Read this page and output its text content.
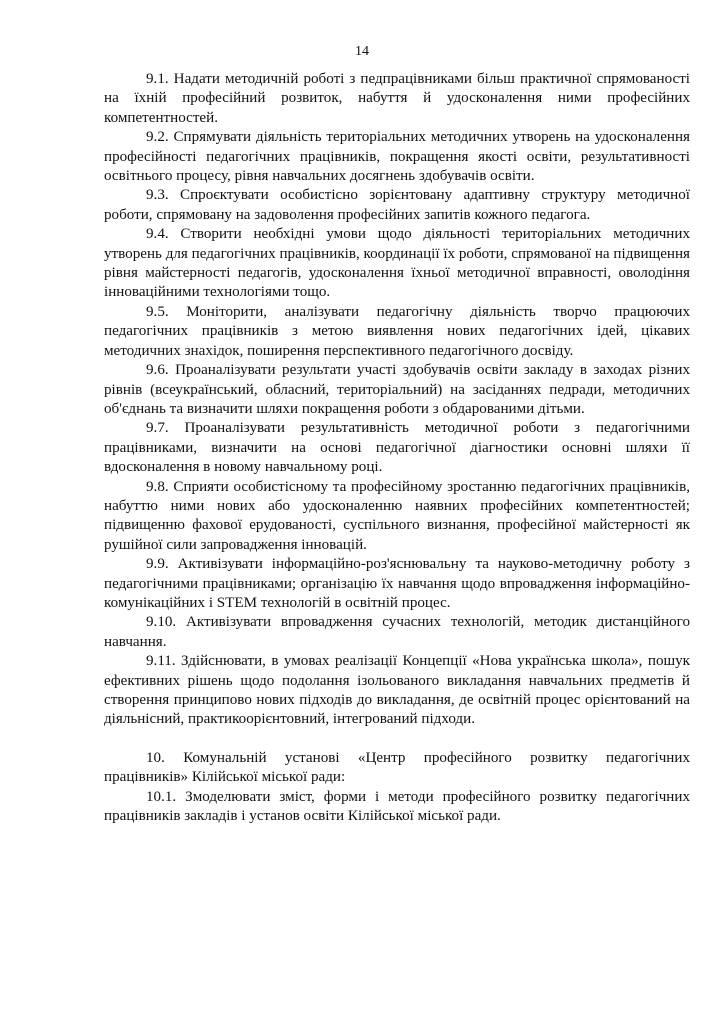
14

9.1. Надати методичній роботі з педпрацівниками більш практичної спрямованості на їхній професійний розвиток, набуття й удосконалення ними професійних компетентностей.

9.2. Спрямувати діяльність територіальних методичних утворень на удосконалення професійності педагогічних працівників, покращення якості освіти, результативності освітнього процесу, рівня навчальних досягнень здобувачів освіти.

9.3. Спроєктувати особистісно зорієнтовану адаптивну структуру методичної роботи, спрямовану на задоволення професійних запитів кожного педагога.

9.4. Створити необхідні умови щодо діяльності територіальних методичних утворень для педагогічних працівників, координації їх роботи, спрямованої на підвищення рівня майстерності педагогів, удосконалення їхньої методичної вправності, оволодіння інноваційними технологіями тощо.

9.5. Моніторити, аналізувати педагогічну діяльність творчо працюючих педагогічних працівників з метою виявлення нових педагогічних ідей, цікавих методичних знахідок, поширення перспективного педагогічного досвіду.

9.6. Проаналізувати результати участі здобувачів освіти закладу в заходах різних рівнів (всеукраїнський, обласний, територіальний) на засіданнях педради, методичних об'єднань та визначити шляхи покращення роботи з обдарованими дітьми.

9.7. Проаналізувати результативність методичної роботи з педагогічними працівниками, визначити на основі педагогічної діагностики основні шляхи її вдосконалення в новому навчальному році.

9.8. Сприяти особистісному та професійному зростанню педагогічних працівників, набуттю ними нових або удосконаленню наявних професійних компетентностей; підвищенню фахової ерудованості, суспільного визнання, професійної майстерності як рушійної сили запровадження інновацій.

9.9. Активізувати інформаційно-роз'яснювальну та науково-методичну роботу з педагогічними працівниками; організацію їх навчання щодо впровадження інформаційно-комунікаційних і STEM технологій в освітній процес.

9.10. Активізувати впровадження сучасних технологій, методик дистанційного навчання.

9.11. Здійснювати, в умовах реалізації Концепції «Нова українська школа», пошук ефективних рішень щодо подолання ізольованого викладання навчальних предметів й створення принципово нових підходів до викладання, де освітній процес орієнтований на діяльнісний, практикоорієнтовний, інтегрований підходи.

10. Комунальній установі «Центр професійного розвитку педагогічних працівників» Кілійської міської ради:

10.1. Змоделювати зміст, форми і методи професійного розвитку педагогічних працівників закладів і установ освіти Кілійської міської ради.
